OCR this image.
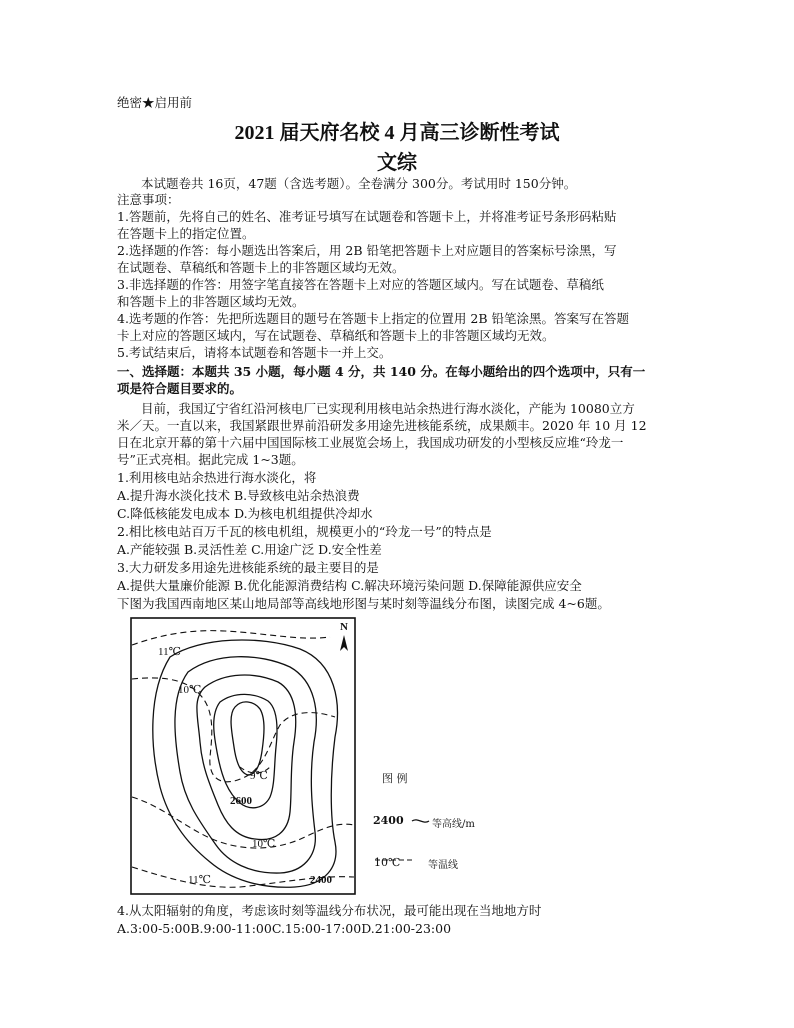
绝密★启用前
2021 届天府名校 4 月高三诊断性考试
文综
本试题卷共 16页，47题（含选考题）。全卷满分 300分。考试用时 150分钟。
注意事项：
1.答题前，先将自己的姓名、准考证号填写在试题卷和答题卡上，并将准考证号条形码粘贴
在答题卡上的指定位置。
2.选择题的作答：每小题选出答案后，用 2B 铅笔把答题卡上对应题目的答案标号涂黑，写
在试题卷、草稿纸和答题卡上的非答题区域均无效。
3.非选择题的作答：用签字笔直接答在答题卡上对应的答题区域内。写在试题卷、草稿纸
和答题卡上的非答题区域均无效。
4.选考题的作答：先把所选题目的题号在答题卡上指定的位置用 2B 铅笔涂黑。答案写在答题
卡上对应的答题区域内，写在试题卷、草稿纸和答题卡上的非答题区域均无效。
5.考试结束后，请将本试题卷和答题卡一并上交。
一、选择题：本题共 35 小题，每小题 4 分，共 140 分。在每小题给出的四个选项中，只有一
项是符合题目要求的。
目前，我国辽宁省红沿河核电厂已实现利用核电站余热进行海水淡化，产能为 10080立方
米／天。一直以来，我国紧跟世界前沿研发多用途先进核能系统，成果颇丰。2020 年 10 月 12
日在北京开幕的第十六届中国国际核工业展览会场上，我国成功研发的小型核反应堆“玲龙一
号”正式亮相。据此完成 1~3题。
1.利用核电站余热进行海水淡化，将
A.提升海水淡化技术 B.导致核电站余热浪费
C.降低核能发电成本 D.为核电机组提供冷却水
2.相比核电站百万千瓦的核电机组，规模更小的“玲龙一号”的特点是
A.产能较强 B.灵活性差 C.用途广泛 D.安全性差
3.大力研发多用途先进核能系统的最主要目的是
A.提供大量廉价能源 B.优化能源消费结构 C.解决环境污染问题 D.保障能源供应安全
下图为我国西南地区某山地局部等高线地形图与某时刻等温线分布图，读图完成 4~6题。
11℃
10℃
9℃
2600
10℃
11℃	2400
N
图 例
2400	等高线/m
10℃	等温线
4.从太阳辐射的角度，考虑该时刻等温线分布状况，最可能出现在当地地方时
A.3:00-5:00B.9:00-11:00C.15:00-17:00D.21:00-23:00
